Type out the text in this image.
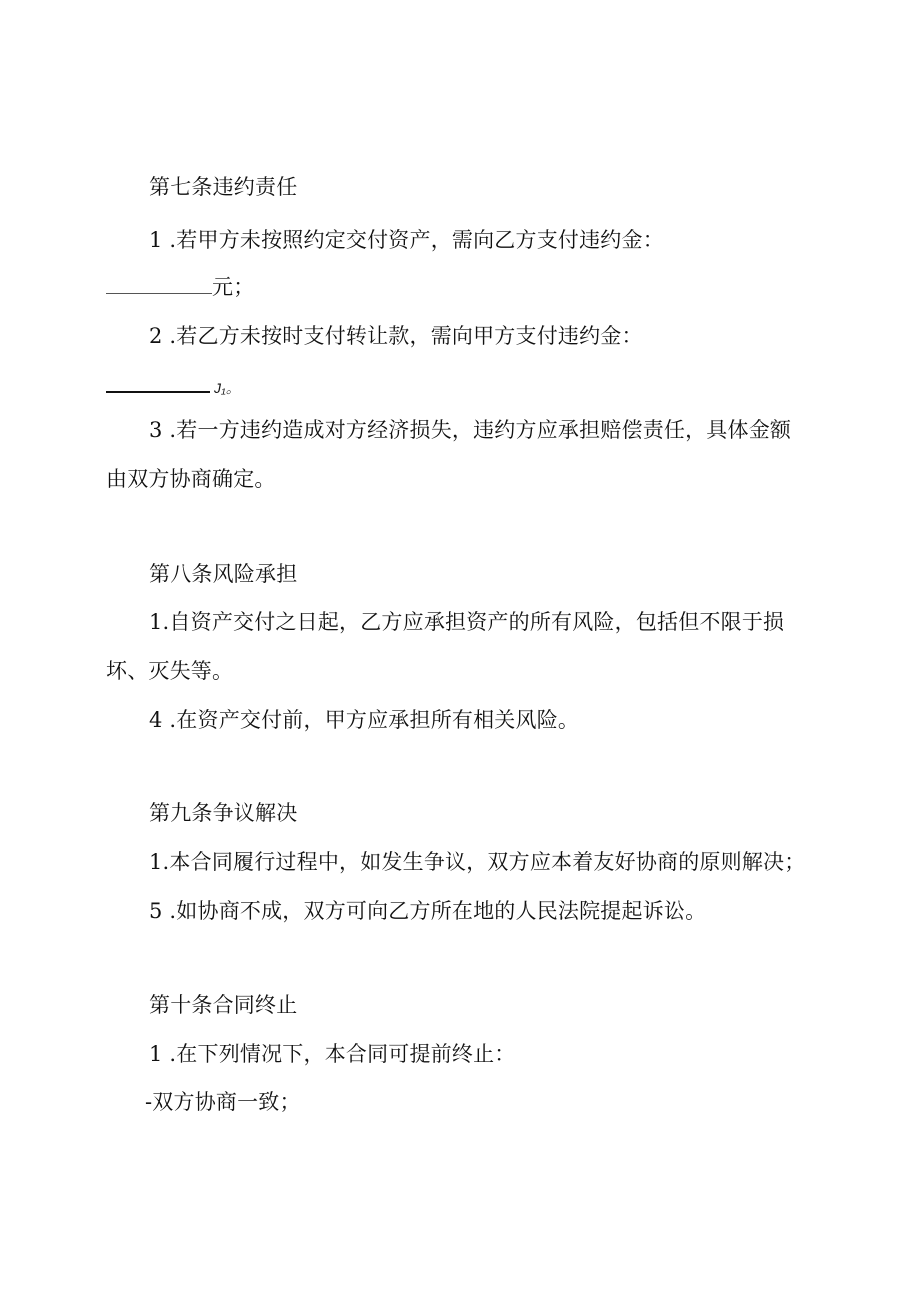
第七条违约责任
1 .若甲方未按照约定交付资产，需向乙方支付违约金：
元；
2 .若乙方未按时支付转让款，需向甲方支付违约金：
J₁。
3 .若一方违约造成对方经济损失，违约方应承担赔偿责任，具体金额
由双方协商确定。
第八条风险承担
1.自资产交付之日起，乙方应承担资产的所有风险，包括但不限于损
坏、灭失等。
4 .在资产交付前，甲方应承担所有相关风险。
第九条争议解决
1.本合同履行过程中，如发生争议，双方应本着友好协商的原则解决；
5 .如协商不成，双方可向乙方所在地的人民法院提起诉讼。
第十条合同终止
1 .在下列情况下，本合同可提前终止：
-双方协商一致；
